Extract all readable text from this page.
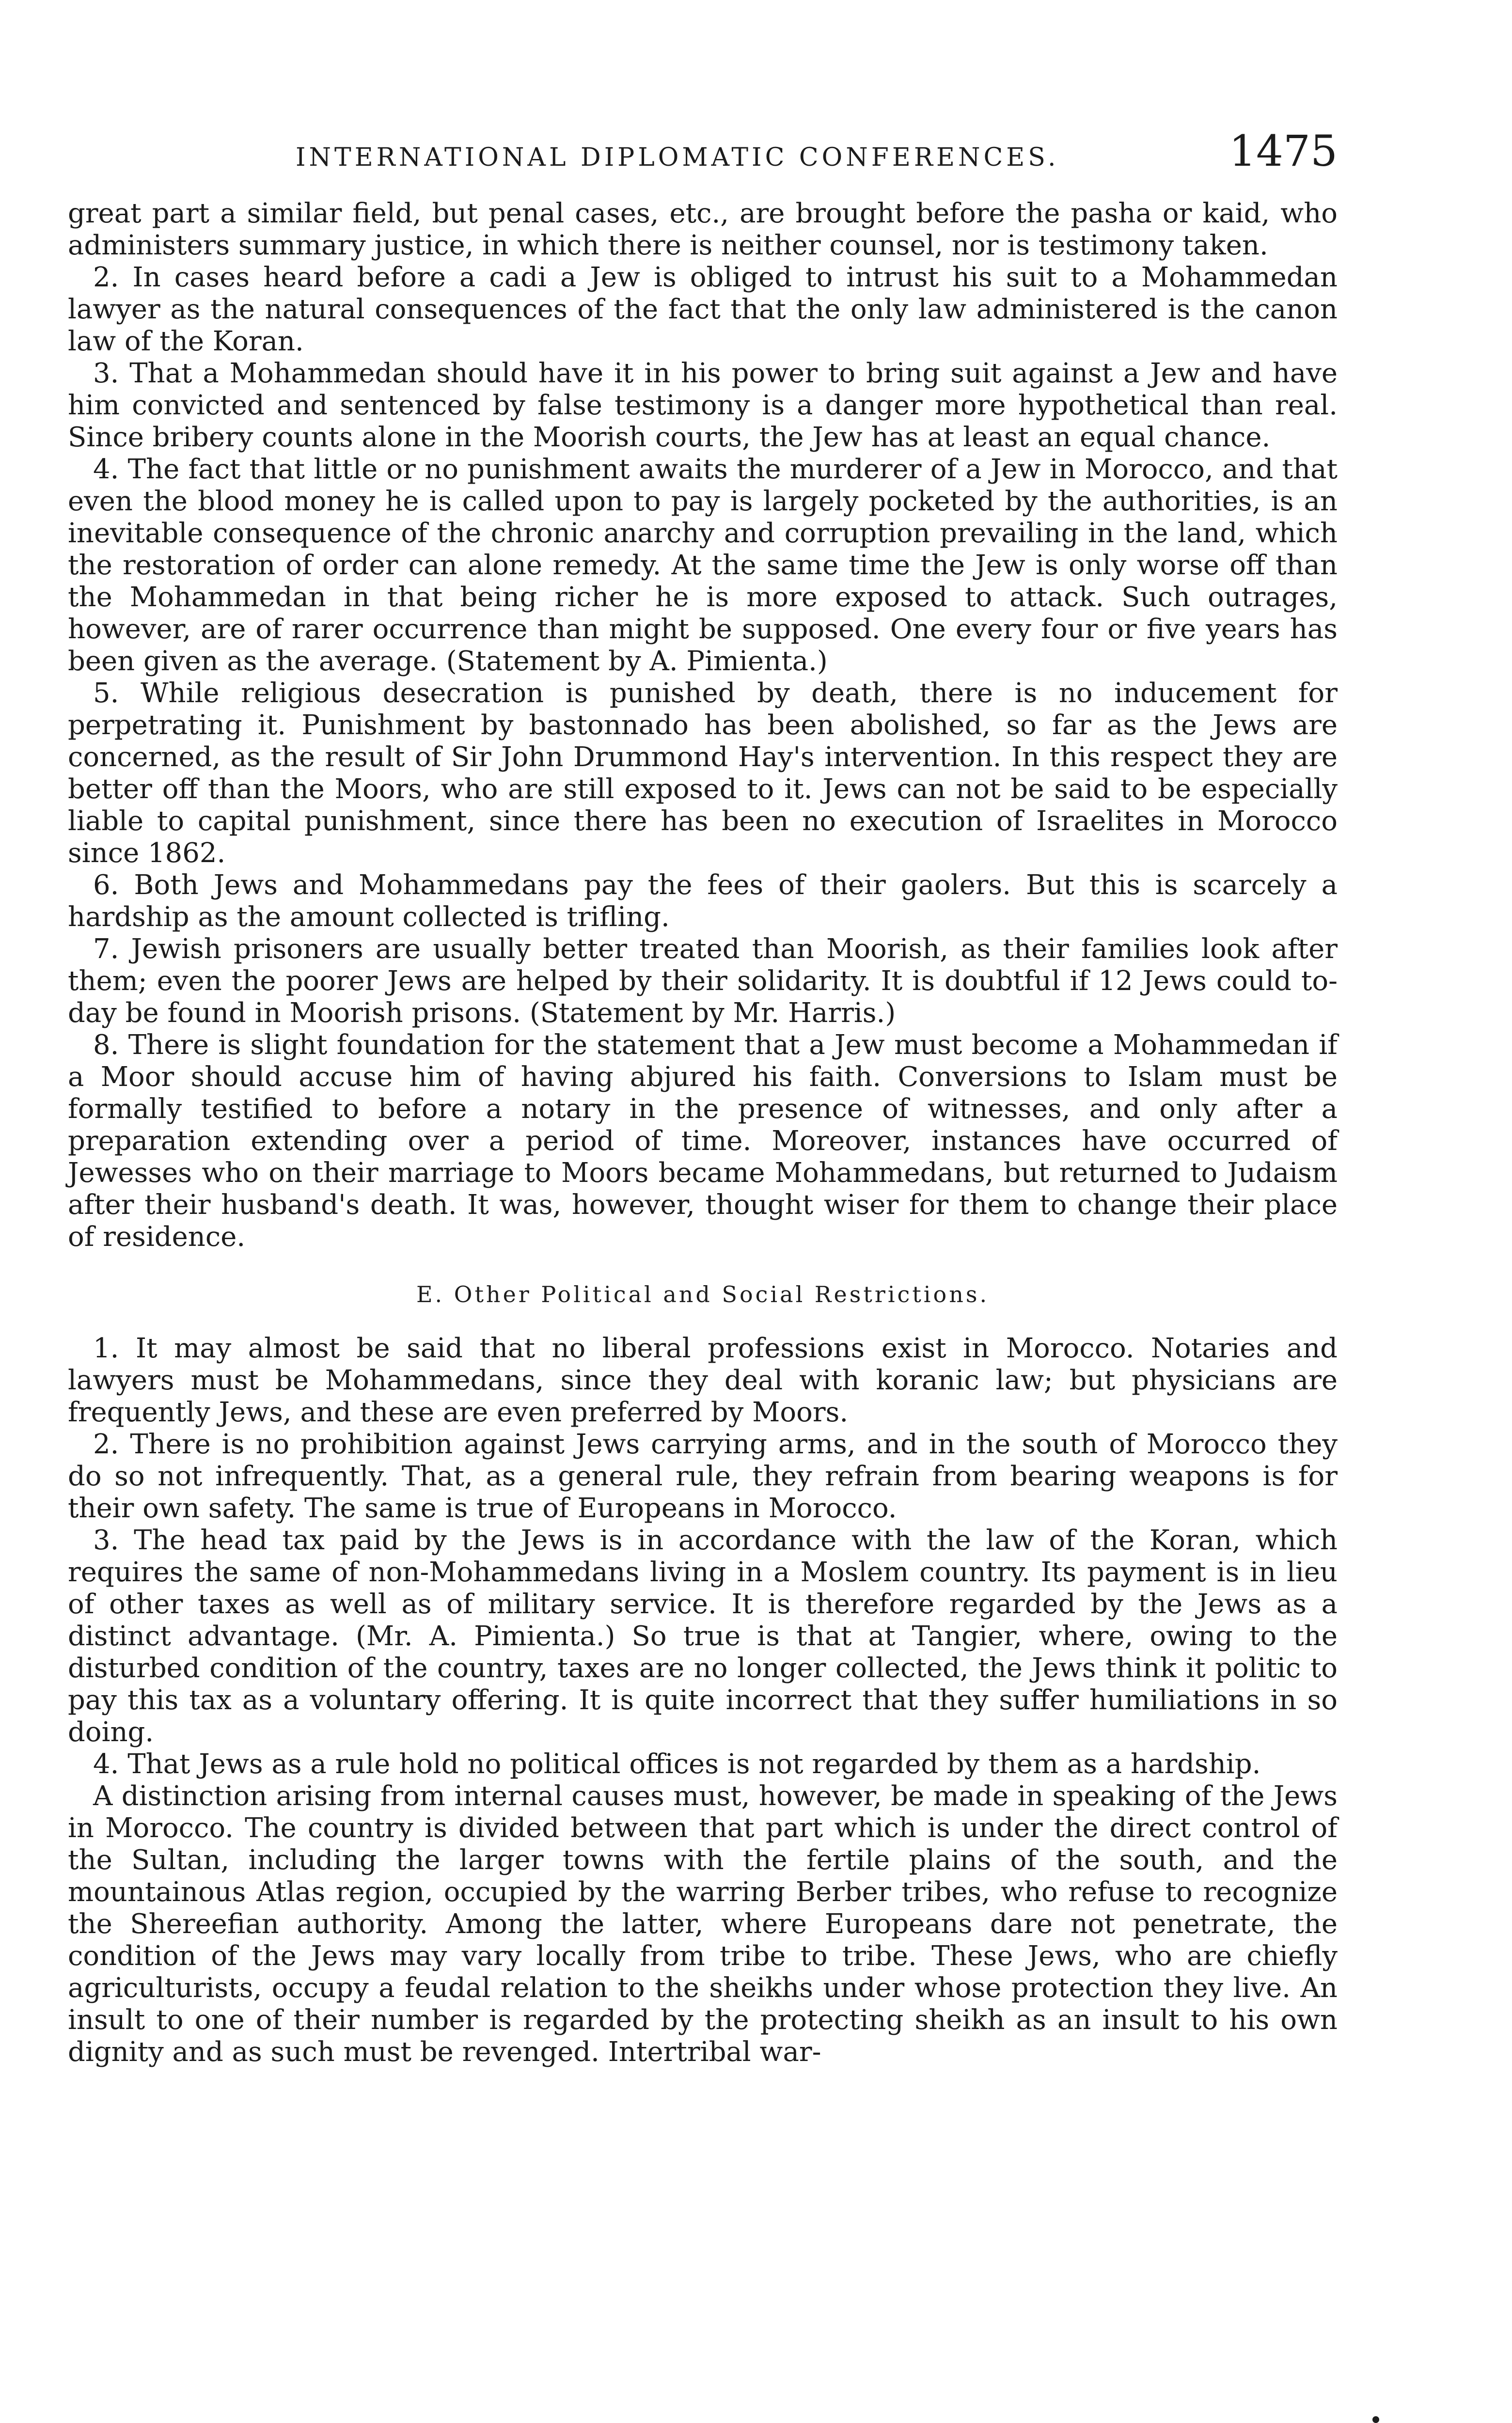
INTERNATIONAL DIPLOMATIC CONFERENCES.	1475

great part a similar field, but penal cases, etc., are brought before the pasha or kaid, who administers summary justice, in which there is neither counsel, nor is testimony taken.

2. In cases heard before a cadi a Jew is obliged to intrust his suit to a Mohammedan lawyer as the natural consequences of the fact that the only law administered is the canon law of the Koran.

3. That a Mohammedan should have it in his power to bring suit against a Jew and have him convicted and sentenced by false testimony is a danger more hypothetical than real. Since bribery counts alone in the Moorish courts, the Jew has at least an equal chance.

4. The fact that little or no punishment awaits the murderer of a Jew in Morocco, and that even the blood money he is called upon to pay is largely pocketed by the authorities, is an inevitable consequence of the chronic anarchy and corruption prevailing in the land, which the restoration of order can alone remedy. At the same time the Jew is only worse off than the Mohammedan in that being richer he is more exposed to attack. Such outrages, however, are of rarer occurrence than might be supposed. One every four or five years has been given as the average. (Statement by A. Pimienta.)

5. While religious desecration is punished by death, there is no inducement for perpetrating it. Punishment by bastonnado has been abolished, so far as the Jews are concerned, as the result of Sir John Drummond Hay's intervention. In this respect they are better off than the Moors, who are still exposed to it. Jews can not be said to be especially liable to capital punishment, since there has been no execution of Israelites in Morocco since 1862.

6. Both Jews and Mohammedans pay the fees of their gaolers. But this is scarcely a hardship as the amount collected is trifling.

7. Jewish prisoners are usually better treated than Moorish, as their families look after them; even the poorer Jews are helped by their solidarity. It is doubtful if 12 Jews could to-day be found in Moorish prisons. (Statement by Mr. Harris.)

8. There is slight foundation for the statement that a Jew must become a Mohammedan if a Moor should accuse him of having abjured his faith. Conversions to Islam must be formally testified to before a notary in the presence of witnesses, and only after a preparation extending over a period of time. Moreover, instances have occurred of Jewesses who on their marriage to Moors became Mohammedans, but returned to Judaism after their husband's death. It was, however, thought wiser for them to change their place of residence.

E. Other Political and Social Restrictions.

1. It may almost be said that no liberal professions exist in Morocco. Notaries and lawyers must be Mohammedans, since they deal with koranic law; but physicians are frequently Jews, and these are even preferred by Moors.

2. There is no prohibition against Jews carrying arms, and in the south of Morocco they do so not infrequently. That, as a general rule, they refrain from bearing weapons is for their own safety. The same is true of Europeans in Morocco.

3. The head tax paid by the Jews is in accordance with the law of the Koran, which requires the same of non-Mohammedans living in a Moslem country. Its payment is in lieu of other taxes as well as of military service. It is therefore regarded by the Jews as a distinct advantage. (Mr. A. Pimienta.) So true is that at Tangier, where, owing to the disturbed condition of the country, taxes are no longer collected, the Jews think it politic to pay this tax as a voluntary offering. It is quite incorrect that they suffer humiliations in so doing.

4. That Jews as a rule hold no political offices is not regarded by them as a hardship.

A distinction arising from internal causes must, however, be made in speaking of the Jews in Morocco. The country is divided between that part which is under the direct control of the Sultan, including the larger towns with the fertile plains of the south, and the mountainous Atlas region, occupied by the warring Berber tribes, who refuse to recognize the Shereefian authority. Among the latter, where Europeans dare not penetrate, the condition of the Jews may vary locally from tribe to tribe. These Jews, who are chiefly agriculturists, occupy a feudal relation to the sheikhs under whose protection they live. An insult to one of their number is regarded by the protecting sheikh as an insult to his own dignity and as such must be revenged. Intertribal war-
